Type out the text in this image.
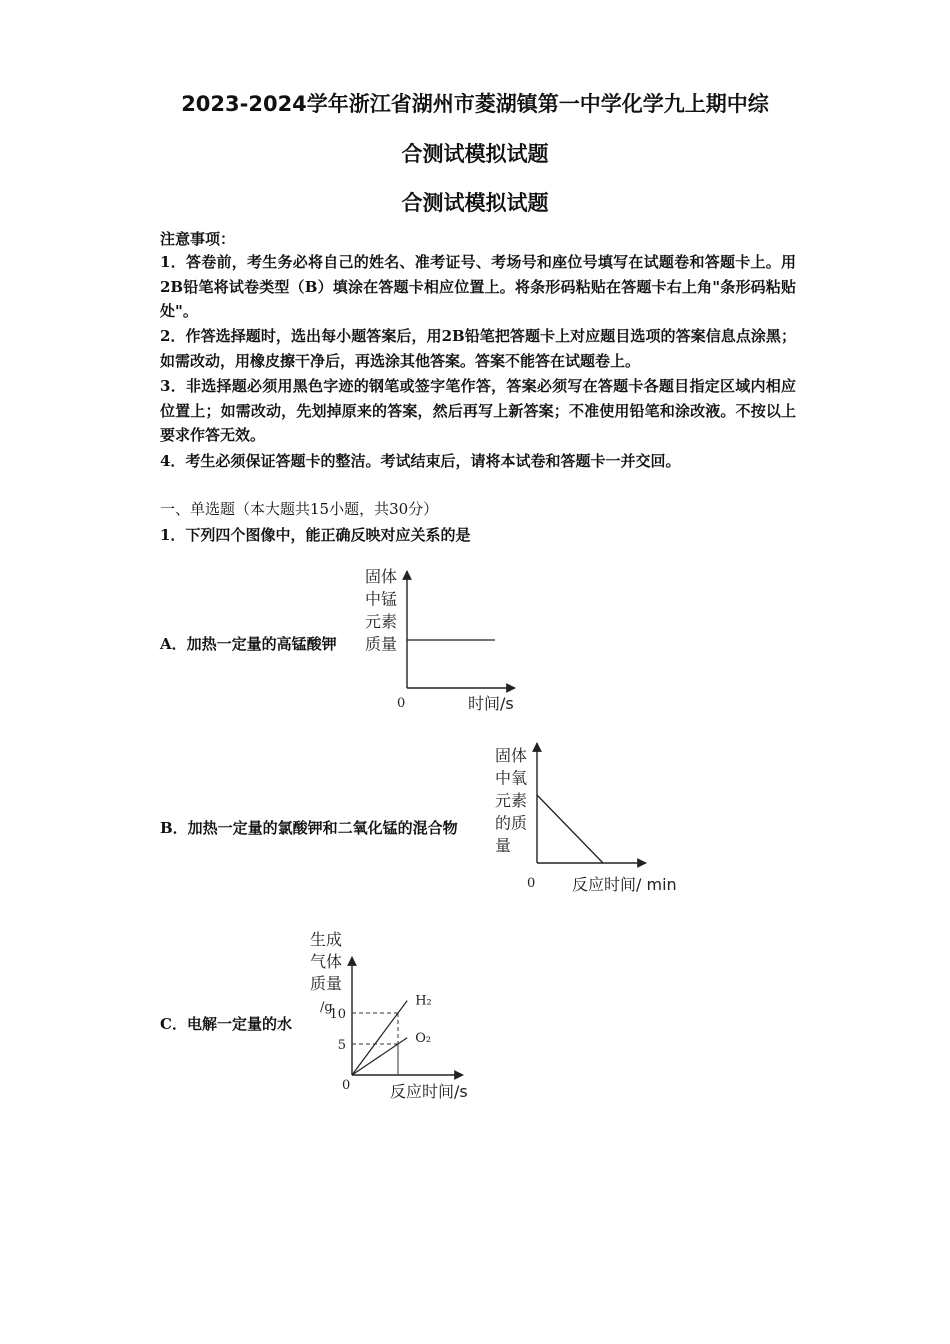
2023-2024学年浙江省湖州市菱湖镇第一中学化学九上期中综
合测试模拟试题
合测试模拟试题
注意事项：
1．答卷前，考生务必将自己的姓名、准考证号、考场号和座位号填写在试题卷和答题卡上。用2B铅笔将试卷类型（B）填涂在答题卡相应位置上。将条形码粘贴在答题卡右上角"条形码粘贴处"。
2．作答选择题时，选出每小题答案后，用2B铅笔把答题卡上对应题目选项的答案信息点涂黑；如需改动，用橡皮擦干净后，再选涂其他答案。答案不能答在试题卷上。
3．非选择题必须用黑色字迹的钢笔或签字笔作答，答案必须写在答题卡各题目指定区域内相应位置上；如需改动，先划掉原来的答案，然后再写上新答案；不准使用铅笔和涂改液。不按以上要求作答无效。
4．考生必须保证答题卡的整洁。考试结束后，请将本试卷和答题卡一并交回。
一、单选题（本大题共15小题，共30分）
1．下列四个图像中，能正确反映对应关系的是
A．加热一定量的高锰酸钾
B．加热一定量的氯酸钾和二氧化锰的混合物
C．电解一定量的水
固体
中锰
元素
质量
时间/s
0
固体
中氧
元素
的质
量
反应时间/ min
0
生成
气体
质量
/g
反应时间/s
0
H₂
O₂
5
10
